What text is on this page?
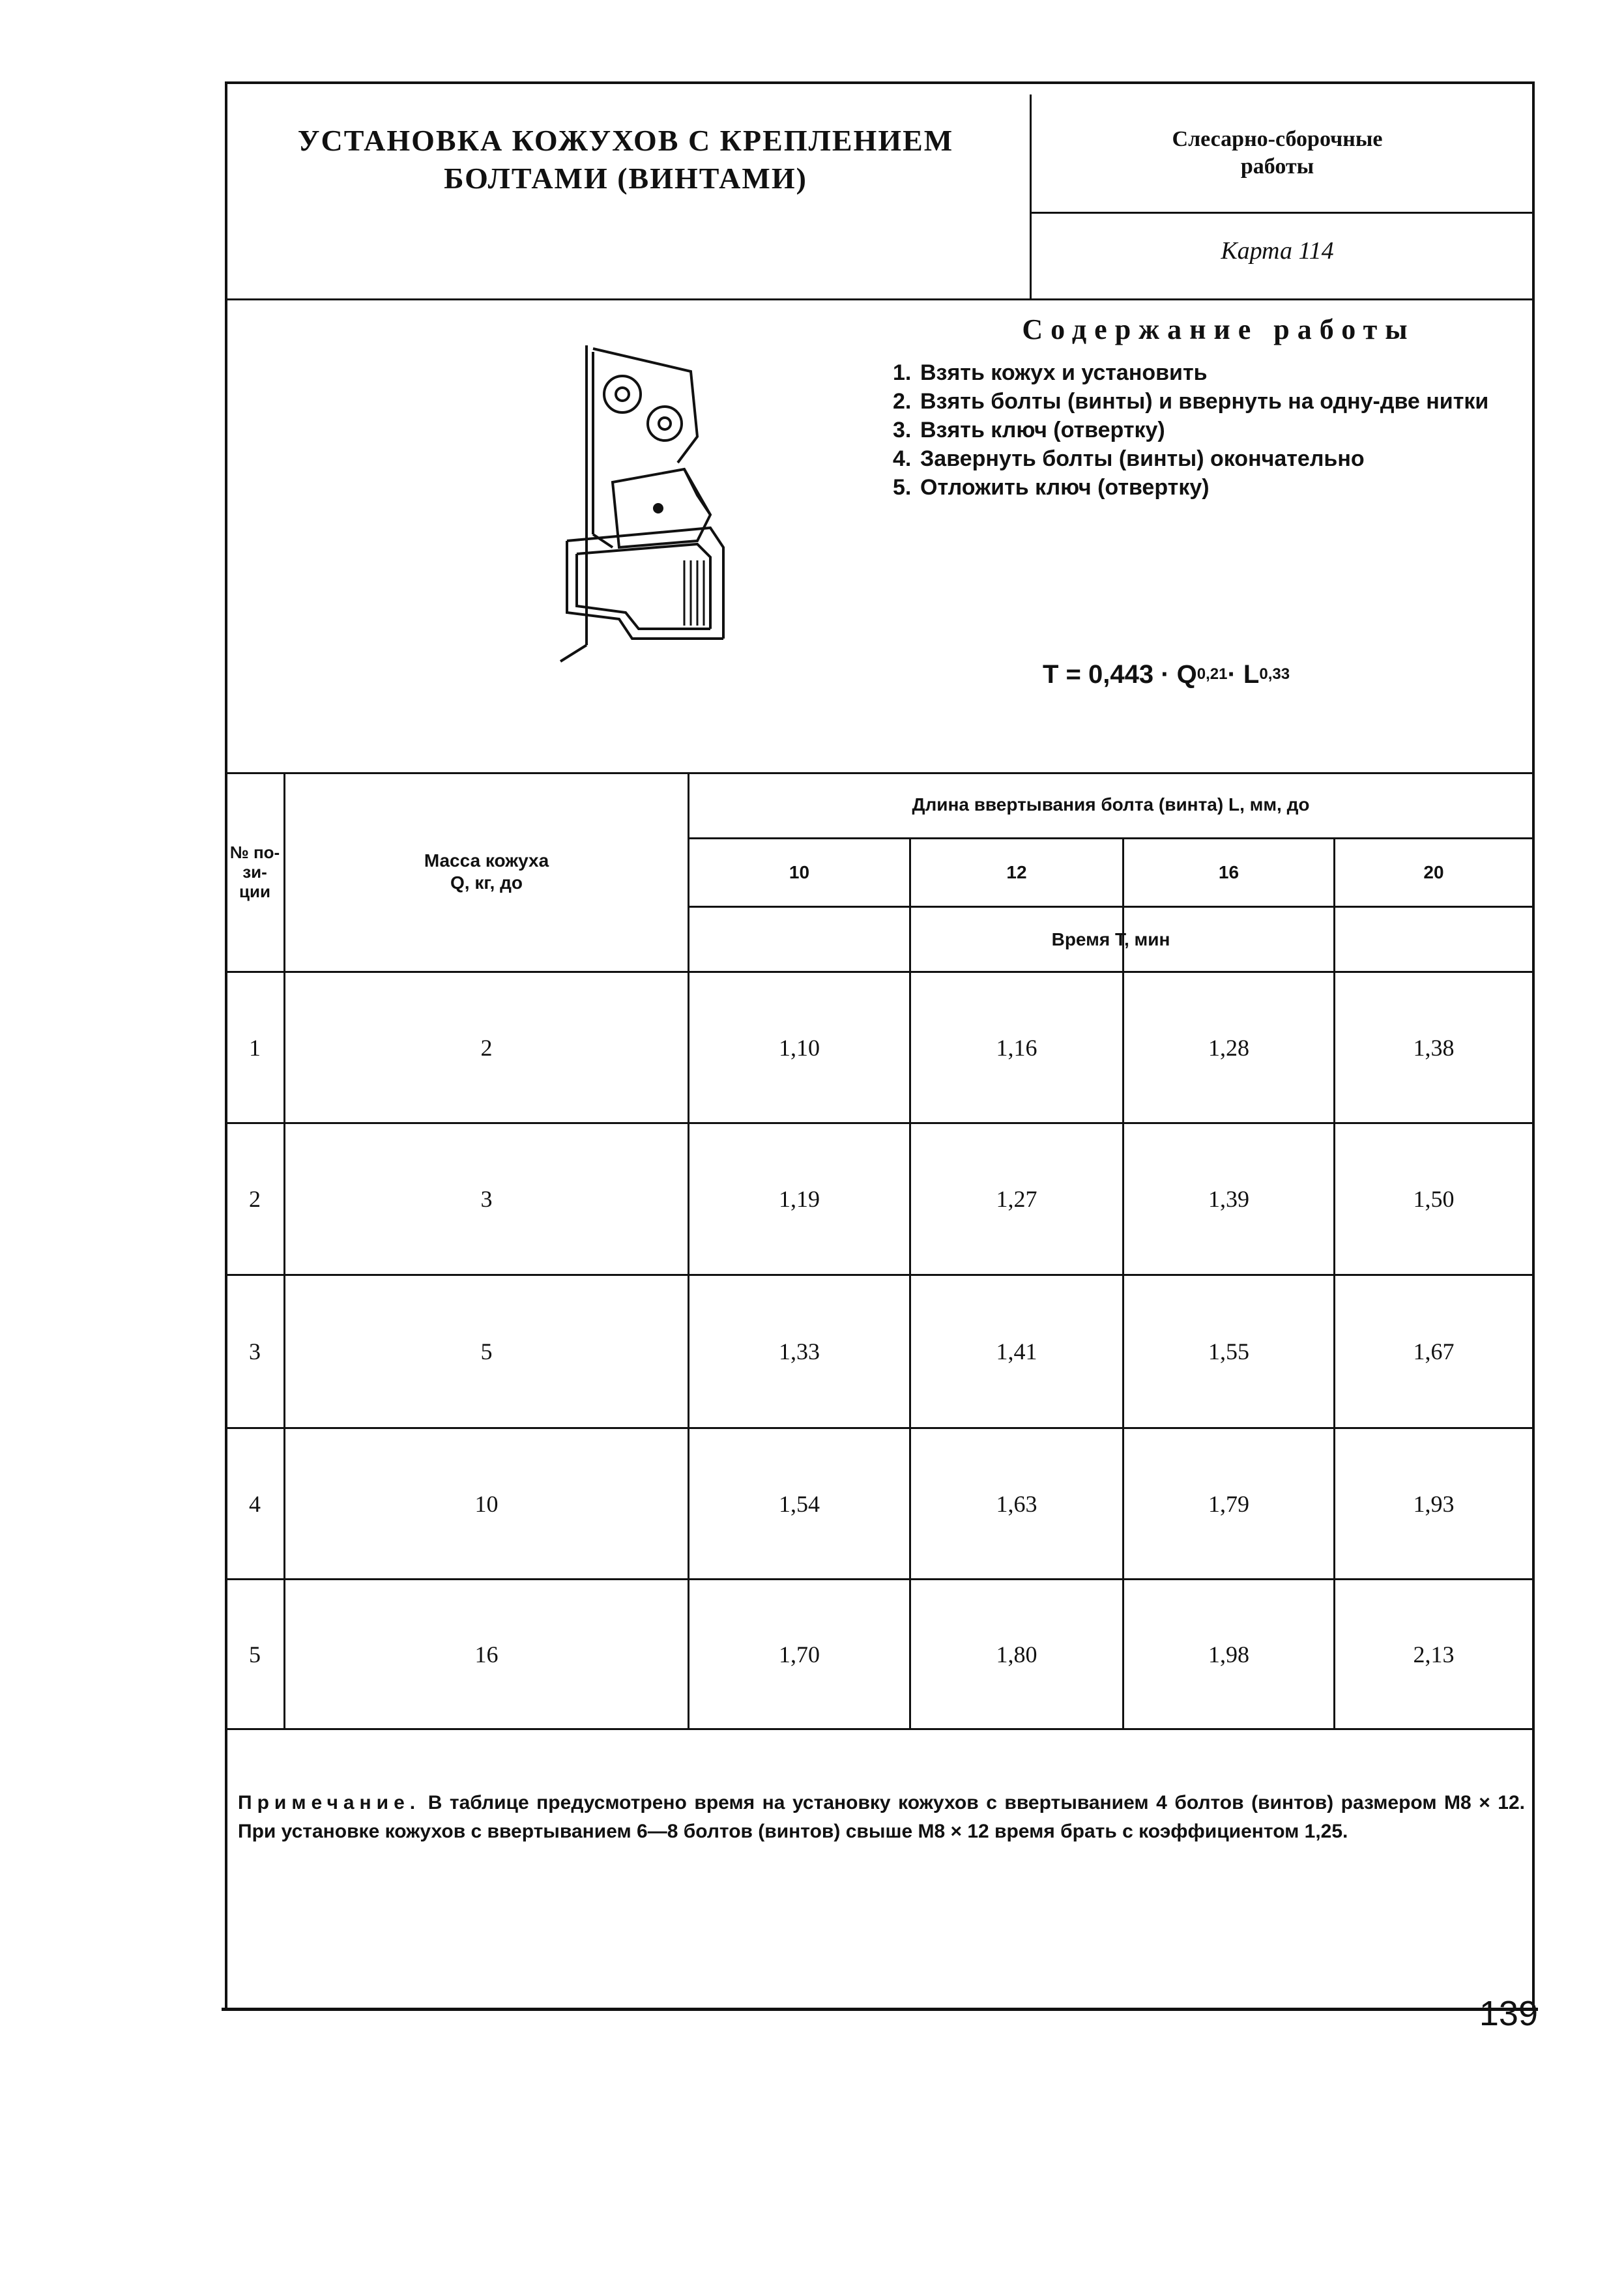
УСТАНОВКА КОЖУХОВ С КРЕПЛЕНИЕМ
БОЛТАМИ (ВИНТАМИ)
Слесарно-сборочные
работы
Карта 114
Содержание работы
1. Взять кожух и установить
2. Взять болты (винты) и ввернуть на одну-две нитки
3. Взять ключ (отвертку)
4. Завернуть болты (винты) окончательно
5. Отложить ключ (отвертку)
T = 0,443 · Q 0,21 · L 0,33
№ по- зи- ции
Масса кожуха Q, кг, до
Длина ввертывания болта (винта) L, мм, до
10	12	16	20
Время T, мин
1	2	1,10	1,16	1,28	1,38
2	3	1,19	1,27	1,39	1,50
3	5	1,33	1,41	1,55	1,67
4	10	1,54	1,63	1,79	1,93
5	16	1,70	1,80	1,98	2,13
Примечание. В таблице предусмотрено время на установку кожухов с ввертыванием 4 болтов (винтов) размером М8 × 12. При установке кожухов с ввертыванием 6—8 болтов (винтов) свыше М8 × 12 время брать с коэффициентом 1,25.
139
